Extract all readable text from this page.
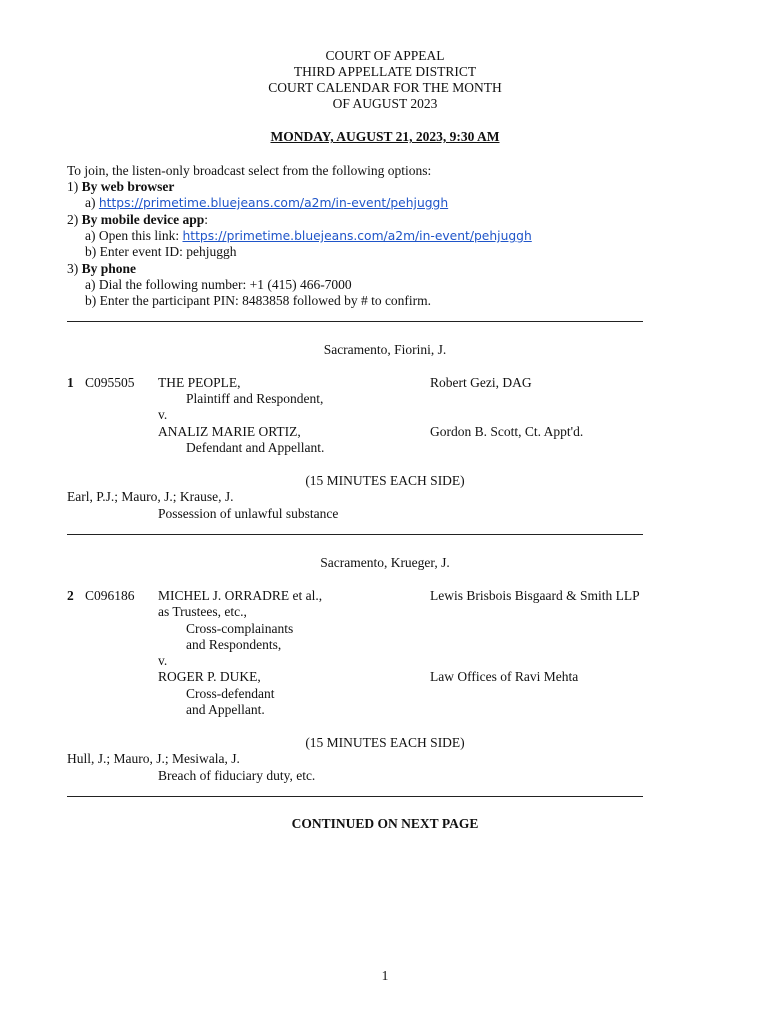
COURT OF APPEAL
THIRD APPELLATE DISTRICT
COURT CALENDAR FOR THE MONTH
OF AUGUST 2023
MONDAY, AUGUST 21, 2023, 9:30 AM
To join, the listen-only broadcast select from the following options:
1) By web browser
a) https://primetime.bluejeans.com/a2m/in-event/pehjuggh
2) By mobile device app:
a) Open this link: https://primetime.bluejeans.com/a2m/in-event/pehjuggh
b) Enter event ID: pehjuggh
3) By phone
a) Dial the following number: +1 (415) 466-7000
b) Enter the participant PIN: 8483858 followed by # to confirm.
Sacramento, Fiorini, J.
1 C095505 THE PEOPLE,
Plaintiff and Respondent,
v.
ANALIZ MARIE ORTIZ,
Defendant and Appellant.
Robert Gezi, DAG
Gordon B. Scott, Ct. Appt'd.
(15 MINUTES EACH SIDE)
Earl, P.J.; Mauro, J.; Krause, J.
Possession of unlawful substance
Sacramento, Krueger, J.
2 C096186 MICHEL J. ORRADRE et al.,
as Trustees, etc.,
Cross-complainants
and Respondents,
v.
ROGER P. DUKE,
Cross-defendant
and Appellant.
Lewis Brisbois Bisgaard & Smith LLP
Law Offices of Ravi Mehta
(15 MINUTES EACH SIDE)
Hull, J.; Mauro, J.; Mesiwala, J.
Breach of fiduciary duty, etc.
CONTINUED ON NEXT PAGE
1
